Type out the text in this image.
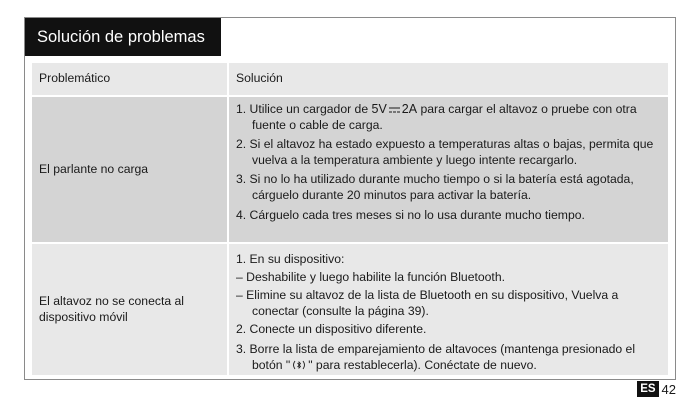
Solución de problemas
Problemático	Solución
El parlante no carga
1. Utilice un cargador de 5V 2A para cargar el altavoz o pruebe con otra fuente o cable de carga.
2. Si el altavoz ha estado expuesto a temperaturas altas o bajas, permita que vuelva a la temperatura ambiente y luego intente recargarlo.
3. Si no lo ha utilizado durante mucho tiempo o si la batería está agotada, cárguelo durante 20 minutos para activar la batería.
4. Cárguelo cada tres meses si no lo usa durante mucho tiempo.
El altavoz no se conecta al dispositivo móvil
1. En su dispositivo:
– Deshabilite y luego habilite la función Bluetooth.
– Elimine su altavoz de la lista de Bluetooth en su dispositivo, Vuelva a conectar (consulte la página 39).
2. Conecte un dispositivo diferente.
3. Borre la lista de emparejamiento de altavoces (mantenga presionado el botón " " para restablecerla). Conéctate de nuevo.
ES 42
